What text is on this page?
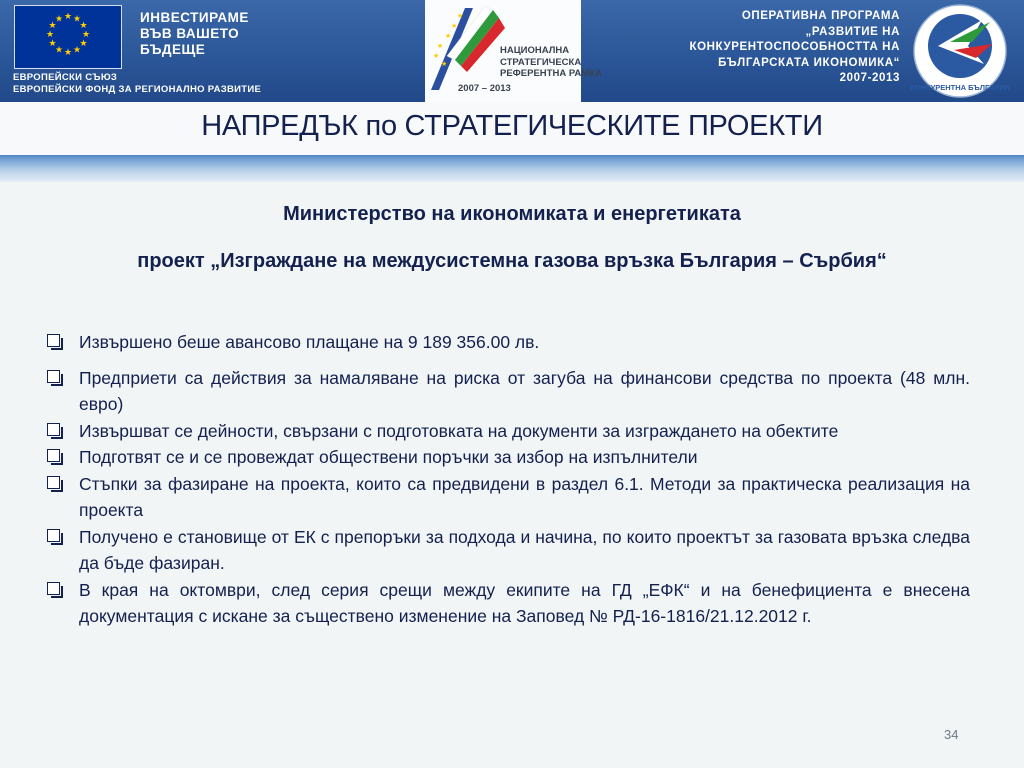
★ ★
★
★
★
★
★
★
★
★
★
★	ИНВЕСТИРАМЕ
ВЪВ ВАШЕТО
БЪДЕЩЕ
ЕВРОПЕЙСКИ СЪЮЗ
ЕВРОПЕЙСКИ ФОНД ЗА РЕГИОНАЛНО РАЗВИТИЕ
★
★
★
★
★
★
НАЦИОНАЛНА
СТРАТЕГИЧЕСКА
РЕФЕРЕНТНА РАМКА
2007 – 2013
ОПЕРАТИВНА ПРОГРАМА
„РАЗВИТИЕ НА
КОНКУРЕНТОСПОСОБНОСТТА НА
БЪЛГАРСКАТА ИКОНОМИКА“
2007-2013
КОНКУРЕНТНА БЪЛГАРИЯ
НАПРЕДЪК по СТРАТЕГИЧЕСКИТЕ ПРОЕКТИ
Министерство на икономиката и енергетиката
проект „Изграждане на междусистемна газова връзка България – Сърбия“
Извършено беше авансово плащане на 9 189 356.00 лв.
Предприети са действия за намаляване на риска от загуба на финансови средства по проекта (48 млн. евро)
Извършват се дейности, свързани с подготовката на документи за изграждането на обектите
Подготвят се и се провеждат обществени поръчки за избор на изпълнители
Стъпки за фазиране на проекта, които са предвидени в раздел 6.1. Методи за практическа реализация на проекта
Получено е становище от ЕК с препоръки за подхода и начина, по които проектът за газовата връзка следва да бъде фазиран.
В края на октомври, след серия срещи между екипите на ГД „ЕФК“ и на бенефициента е внесена документация с искане за съществено изменение на Заповед № РД-16-1816/21.12.2012 г.
34
